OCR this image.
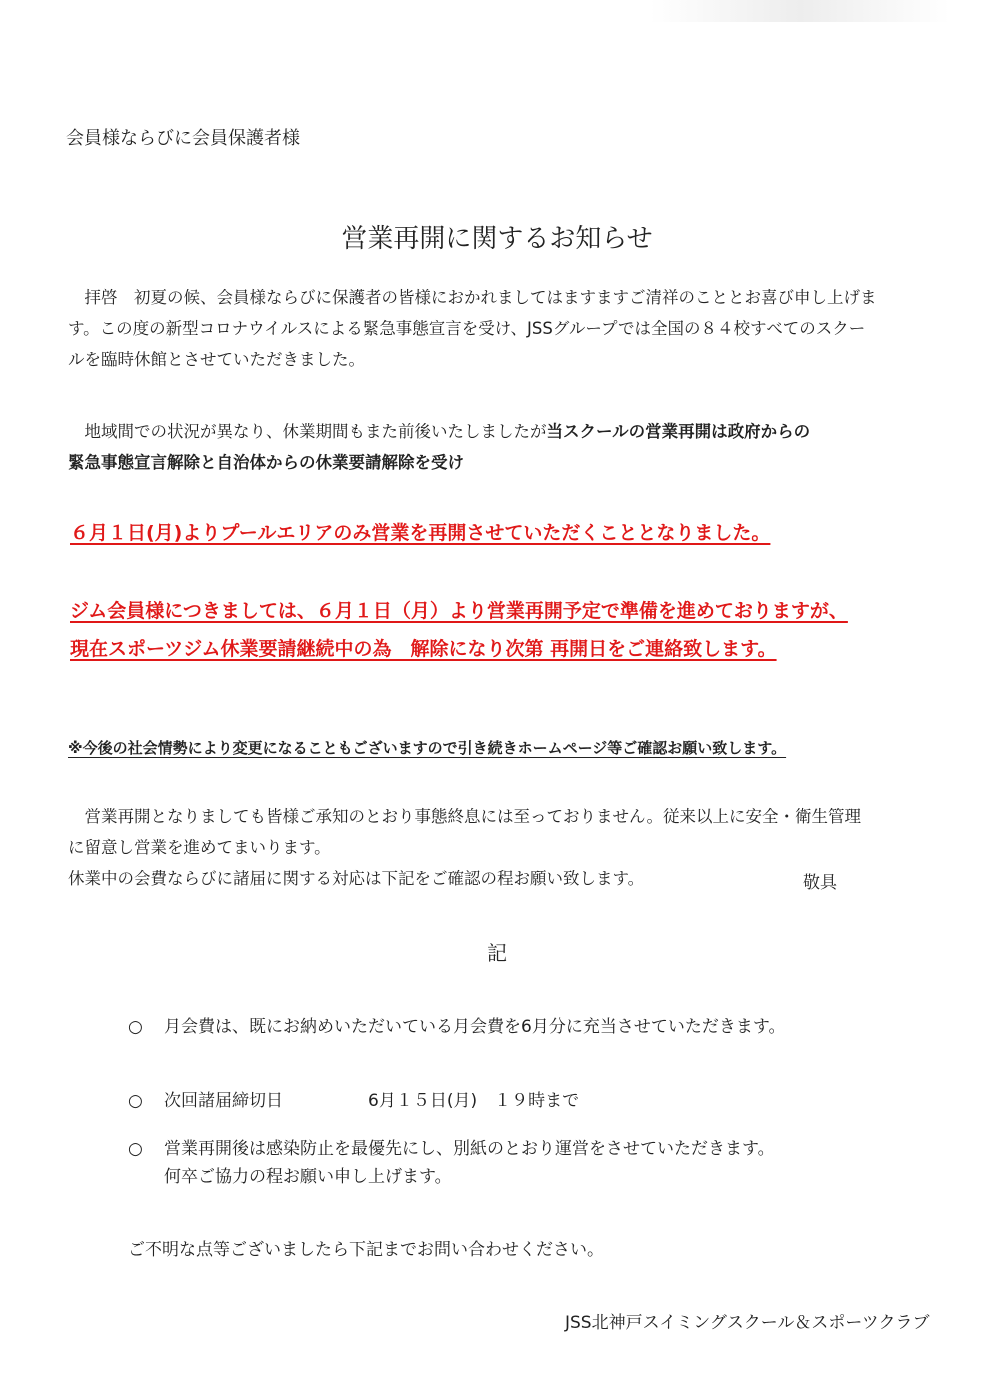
会員様ならびに会員保護者様
営業再開に関するお知らせ
　拝啓　初夏の候、会員様ならびに保護者の皆様におかれましてはますますご清祥のこととお喜び申し上げま
す。この度の新型コロナウイルスによる緊急事態宣言を受け、JSSグループでは全国の８４校すべてのスクー
ルを臨時休館とさせていただきました。
　地域間での状況が異なり、休業期間もまた前後いたしましたが当スクールの営業再開は政府からの
緊急事態宣言解除と自治体からの休業要請解除を受け
６月１日(月)よりプールエリアのみ営業を再開させていただくこととなりました。
ジム会員様につきましては、６月１日（月）より営業再開予定で準備を進めておりますが、
現在スポーツジム休業要請継続中の為　解除になり次第 再開日をご連絡致します。
※今後の社会情勢により変更になることもございますので引き続きホームページ等ご確認お願い致します。
　営業再開となりましても皆様ご承知のとおり事態終息には至っておりません。従来以上に安全・衛生管理
に留意し営業を進めてまいります。
休業中の会費ならびに諸届に関する対応は下記をご確認の程お願い致します。	敬具
記
○ 月会費は、既にお納めいただいている月会費を6月分に充当させていただきます。
○ 次回諸届締切日	6月１５日(月)　１９時まで
○ 営業再開後は感染防止を最優先にし、別紙のとおり運営をさせていただきます。
何卒ご協力の程お願い申し上げます。
ご不明な点等ございましたら下記までお問い合わせください。
JSS北神戸スイミングスクール＆スポーツクラブ
